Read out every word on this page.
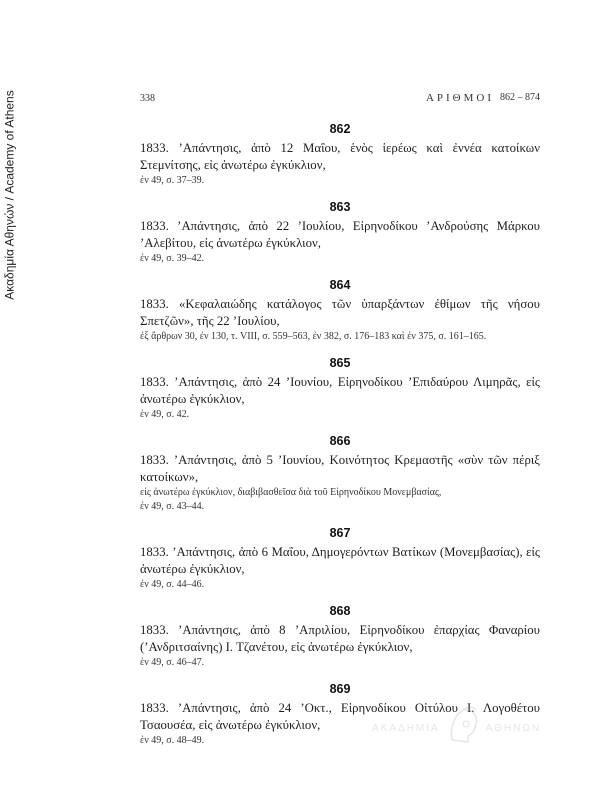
Ακαδημία Αθηνών / Academy of Athens	338	ΑΡΙΘΜΟΙ 862 – 874
862
1833. ’Απάντησις, ἀπὸ 12 Μαΐου, ἑνὸς ἱερέως καὶ ἐννέα κατοίκων Στεμνίτσης, εἰς ἀνωτέρω ἐγκύκλιον,
ἐν 49, σ. 37–39.
863
1833. ’Απάντησις, ἀπὸ 22 ’Ιουλίου, Εἰρηνοδίκου ’Ανδρούσης Μάρκου ’Αλεβίτου, εἰς ἀνωτέρω ἐγκύκλιον,
ἐν 49, σ. 39–42.
864
1833. «Κεφαλαιώδης κατάλογος τῶν ὑπαρξάντων ἐθίμων τῆς νήσου Σπετζῶν», τῆς 22 ’Ιουλίου,
ἐξ ἄρθρων 30, ἐν 130, τ. VIII, σ. 559–563, ἐν 382, σ. 176–183 καὶ ἐν 375, σ. 161–165.
865
1833. ’Απάντησις, ἀπὸ 24 ’Ιουνίου, Εἰρηνοδίκου ’Επιδαύρου Λιμηρᾶς, εἰς ἀνωτέρω ἐγκύκλιον,
ἐν 49, σ. 42.
866
1833. ’Απάντησις, ἀπὸ 5 ’Ιουνίου, Κοινότητος Κρεμαστῆς «σὺν τῶν πέριξ κατοίκων»,
εἰς ἀνωτέρω ἐγκύκλιον, διαβιβασθεῖσα διὰ τοῦ Εἰρηνοδίκου Μονεμβασίας,
ἐν 49, σ. 43–44.
867
1833. ’Απάντησις, ἀπὸ 6 Μαΐου, Δημογερόντων Βατίκων (Μονεμβασίας), εἰς ἀνωτέρω ἐγκύκλιον,
ἐν 49, σ. 44–46.
868
1833. ’Απάντησις, ἀπὸ 8 ’Απριλίου, Εἰρηνοδίκου ἐπαρχίας Φαναρίου (’Ανδριτσαίνης) Ι. Τζανέτου, εἰς ἀνωτέρω ἐγκύκλιον,
ἐν 49, σ. 46–47.
869
1833. ’Απάντησις, ἀπὸ 24 ’Οκτ., Εἰρηνοδίκου Οἰτύλου Ι. Λογοθέτου Τσαουσέα, εἰς ἀνωτέρω ἐγκύκλιον,
ἐν 49, σ. 48–49.
ΑΚΑΔΗΜΙΑ	ΑΘΗΝΩΝ
